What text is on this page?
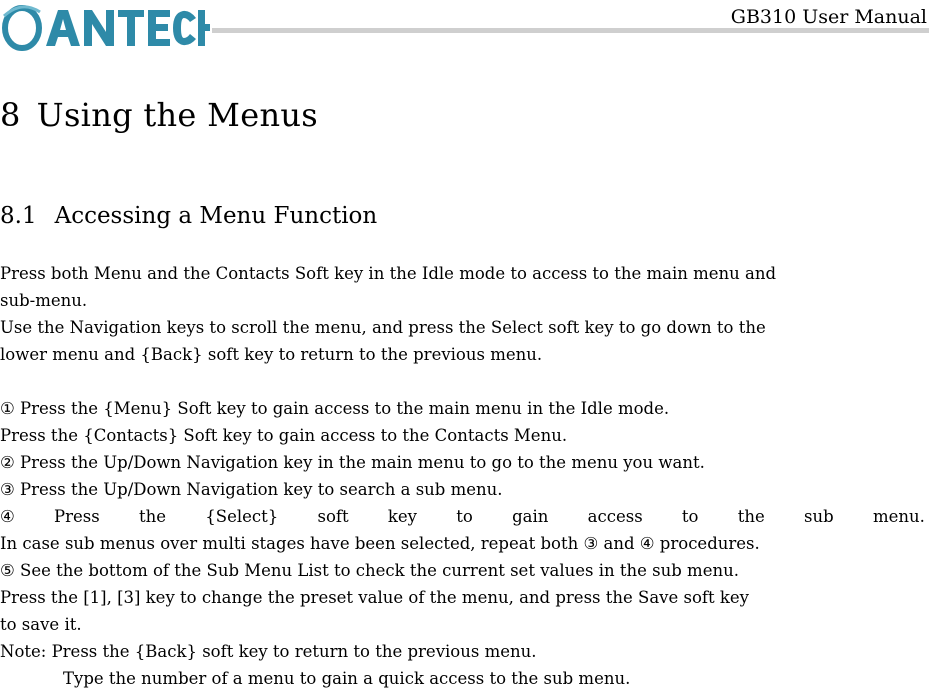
GB310 User Manual
8 Using the Menus
8.1 Accessing a Menu Function
Press both Menu and the Contacts Soft key in the Idle mode to access to the main menu and
sub-menu.
Use the Navigation keys to scroll the menu, and press the Select soft key to go down to the
lower menu and {Back} soft key to return to the previous menu.
① Press the {Menu} Soft key to gain access to the main menu in the Idle mode.
Press the {Contacts} Soft key to gain access to the Contacts Menu.
② Press the Up/Down Navigation key in the main menu to go to the menu you want.
③ Press the Up/Down Navigation key to search a sub menu.
④ Press the {Select} soft key to gain access to the sub menu.
In case sub menus over multi stages have been selected, repeat both ③ and ④ procedures.
⑤ See the bottom of the Sub Menu List to check the current set values in the sub menu.
Press the [1], [3] key to change the preset value of the menu, and press the Save soft key
to save it.
Note: Press the {Back} soft key to return to the previous menu.
Type the number of a menu to gain a quick access to the sub menu.
